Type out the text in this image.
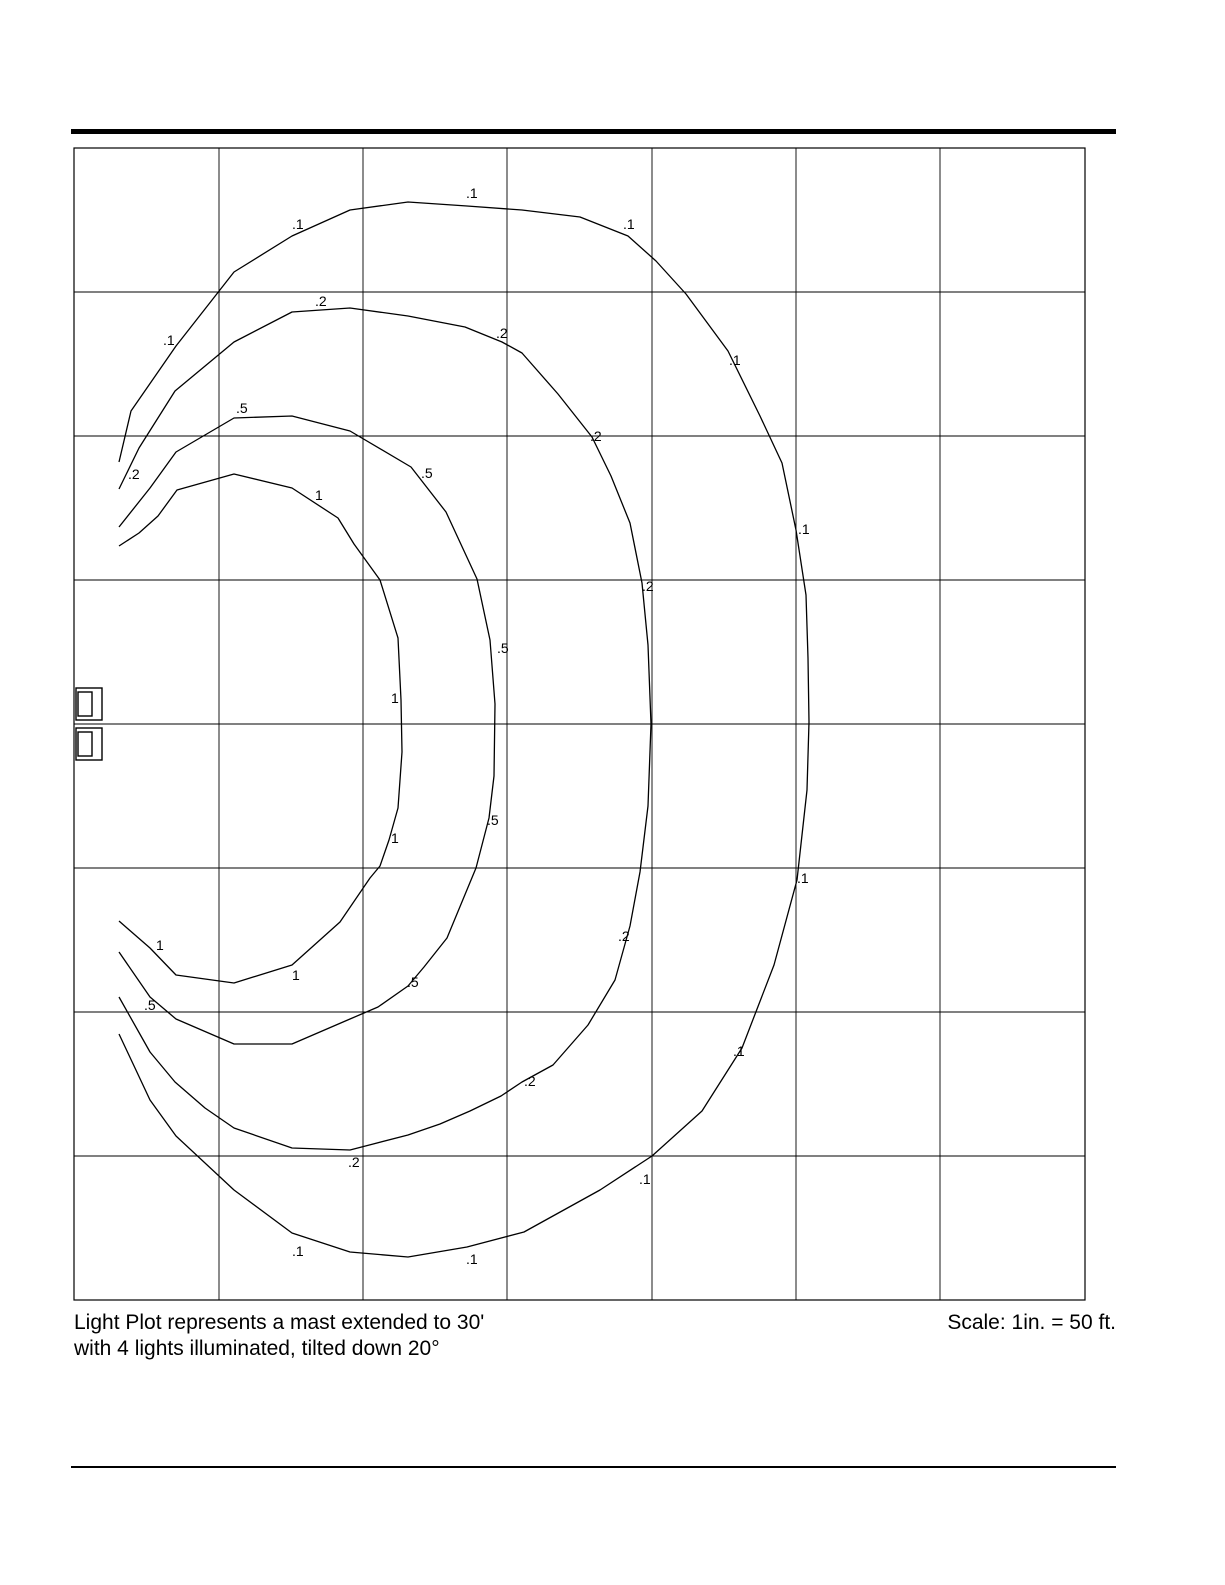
.1
.1	.1
.1
.1
.1
.1
.1
.1
.1	.1
.2
.2
.2
.2
.2
.2
.2
.2
.5
.5
.5
.5
.5
.5
1
1
1
1
1
Light Plot represents a mast extended to 30'
with 4 lights illuminated, tilted down 20°
Scale: 1in. = 50 ft.
